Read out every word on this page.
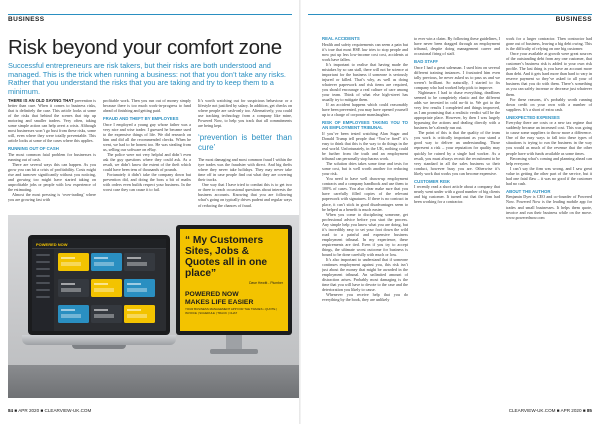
BUSINESS

THERE IS AN OLD SAYING THAT prevention is better than cure. When it comes to business risks, that is definitely the case. This article looks at some of the risks that behind the scenes that trip up motoring and smaller traders. Very often, taking some simple action can help avert a crisis. Although most businesses won’t go bust from these risks, some will, even where they were totally preventable. This article looks at some of the cases where this applies.

RUNNING OUT OF CASH

The most common fatal problem for businesses is running out of cash.

There are several ways this can happen. As you grow you can hit a crisis of profitability. Costs might rise and turnover significantly without you noticing, and growing too might have started taking on unprofitable jobs or people with low experience of the estimating.

Almost the most pressing is ‘over-trading’ where you are growing fast with

profitable work. Then you run out of money simply because there is too much work-in-progress to fund ahead of finishing and getting paid.

FRAUD AND THEFT BY EMPLOYEES

Once I employed a young guy whose father was a very nice and wise trader. I guessed he became used to the expensive things of life. We did research on him and did all the recommended checks. When he went, we had to be honest too. He was stealing from us, selling our software on eBay.

The police were not very helpful and didn’t even ask the guy questions where they could ask. As a result, we didn’t know the extent of the theft which could have been tens of thousands of pounds.

Fortunately it didn’t take the company down but prevention did, and doing the boss a bit of maths with orders even builds respect your business. In the worst case they can cause it to fail.

It’s worth watching out for suspicious behaviour or a lifestyle not justified by salary. In addition, get checks on where people are cash-only too. Alternatively, you could use tracking technology from a company like mine, Powered Now, to help you track that all commitments are being kept.

‘prevention is better than cure’

The most damaging and most common fraud I within the tyre trades was the fraudster with direct. And big thefts where they never take holidays. They may never take time off in case people find out what they are covering their tracks.

One way that I have tried to combat this is to get two or three to reach occasional questions about interests the business accounts. Knowing that you are following what’s going on typically drives pudent and regular ways of reducing the chances of fraud.

POWERED NOW

	“ My Customers Sites, Jobs & Quotes all in one place”
Dave Hewitt - Plumber
POWERED NOW
MAKES LIFE EASIER
YOUR BUSINESS MANAGEMENT APP FOR THE TRADES • QUOTE | INVOICE | SCHEDULE | TRACK | CHAT
84 ■ APR 2020 ■ CLEARVIEW-UK.COM
BUSINESS
REAL ACCIDENTS

Health and safety requirements can seem a pain but it’s true that most HSE law tries to stop people and now put up less low-income cost cost, accidents at work have fallen.

It’s important to realise that having made the mistakes by so can stall, there will not be science at important for the business if someone is seriously injured or killed. That’s why, as well as doing whatever paperwork and risk items are required, you should encourage a real culture of care among your team. Think of what else high-street has usually try to mitigate them.

If an accident happens which could reasonably have been prevented, you may have opened yourself up to a charge of corporate manslaughter.

RISK OF EMPLOYEES TAKING YOU TO AN EMPLOYMENT TRIBUNAL

If you’ve been tested watching Alan Sugar and Donald Trump tell people that “You’re fired” it’s easy to think that this is the way to do things in the real world. Unfortunately, in the UK, nothing could be further from the truth and an employment tribunal can personally stop harass work.

The solution dries takes some time and tests for some cost, but is well worth another for reducing your risk.

You need to have well drawn-up employment contracts and a company handbook and use them to 100% of cases. You also clear make sure that you have carefully filled copies of the relevant paperwork with signatures. If there is no contract in place, it can’t stick in good disadvantages seem to be helped as a benefit is much easier.

When you come to disciplining someone, get professional advice before you start the process. Any simple help you know what you are doing, but it’s incredibly easy to set your foot down the wild road to a painful and expensive business employment tribunal. In my experience, these requirements are tied. Even if you try to accept things, the ultimate worst outcome for business is bound to be done carefully with much or loss.

It’s also important to understand that if someone continues employment against you, this risk isn’t just about the money that might be awarded in the employment tribunal. An unlimited amount of distraction arises. Probably most damaging is the time that you will have to devote to the case and the deterioration you likely to cause.

Whenever you receive help that you do everything by the book, they are unlikely

to ever win a claim. By following these guidelines, I have never been dragged through an employment tribunal, despite doing management career and occasional firing of staff.

BAD STAFF

Once I had a great salesman. I used him on several different training instances. I frustrated him even tally previous, he never asked us to pass us and we weren’t brilliant. So naturally, I started to fix company who had worked help pick to improve.

Nightmare. I had to chase everything, deadlines seemed to be completely elastic and the different adds we invested in cold no-fit to. We got to the very few results I completed and things improved, as I am promising that a realistic verdict will be the appropriate place. However, by then I was largely bypassing the actions and dealing directly with a business he’s already run out.

The point of this is that the quality of the team you work is critically important as your stand a good way to deliver an understanding. Those represent a risk – your reputation for quality may quickly be ruined by a single bad worker. As a result, you must always recruit the recruitment to be very standard in all the sales business so their conduct, however busy you are. Otherwise it’s likely work that works you can become expensive.

CUSTOMER RISK

I recently read a short article about a company that nearly went under with a good number of big clients and big customer. It turned out that the firm had been working for a contractor.

work for a larger contractor. Then contractor had gone out of business, leaving a big debt owing. This is the difficulty of relying on one big customer.

Once your available at growth were great sources of the outstanding debt from any one customer, that customer’s business risk is added to your own risk profile. The last thing is you have an account more than debt. And it gets hard more than hard to vary in reserve payment so they’ve asked to all your of business that you do with them. There’s something as you can safely increase or decrease just whatever them.

For these reasons, it’s probably worth running down credit on your own with a number of suppliers. It’s a short of extra cash.

UNEXPECTED EXPENSES

Everyday there are costs or a new tax regime that suddenly became an increased cost. This was going to cause some suppliers to throw more a difference. One of the easy ways to fall into these types of situations is trying to run the business in the way you would as much of the revenue that the other people have with funds available as some times.

Becoming what’s coming and planning ahead can help everyone.

I can’t say the firm was wrong, and I saw great value in getting the other part of the service, but it had one fatal flaw – it was no good if the customer had no cash.

ABOUT THE AUTHOR

Benjamin Dyer is CEO and co-founder of Powered Now. Powered Now is the leading mobile app for trades and small businesses. It helps them quote, invoice and run their business while on the move. www.powerednow.com

CLEARVIEW-UK.COM ■ APR 2020 ■ 85
Risk beyond your comfort zone
Successful entrepreneurs are risk takers, but their risks are both understood and managed. This is the trick when running a business: not that you don’t take any risks. Rather that you understand the risks that you are taking and try to keep them to a minimum.
